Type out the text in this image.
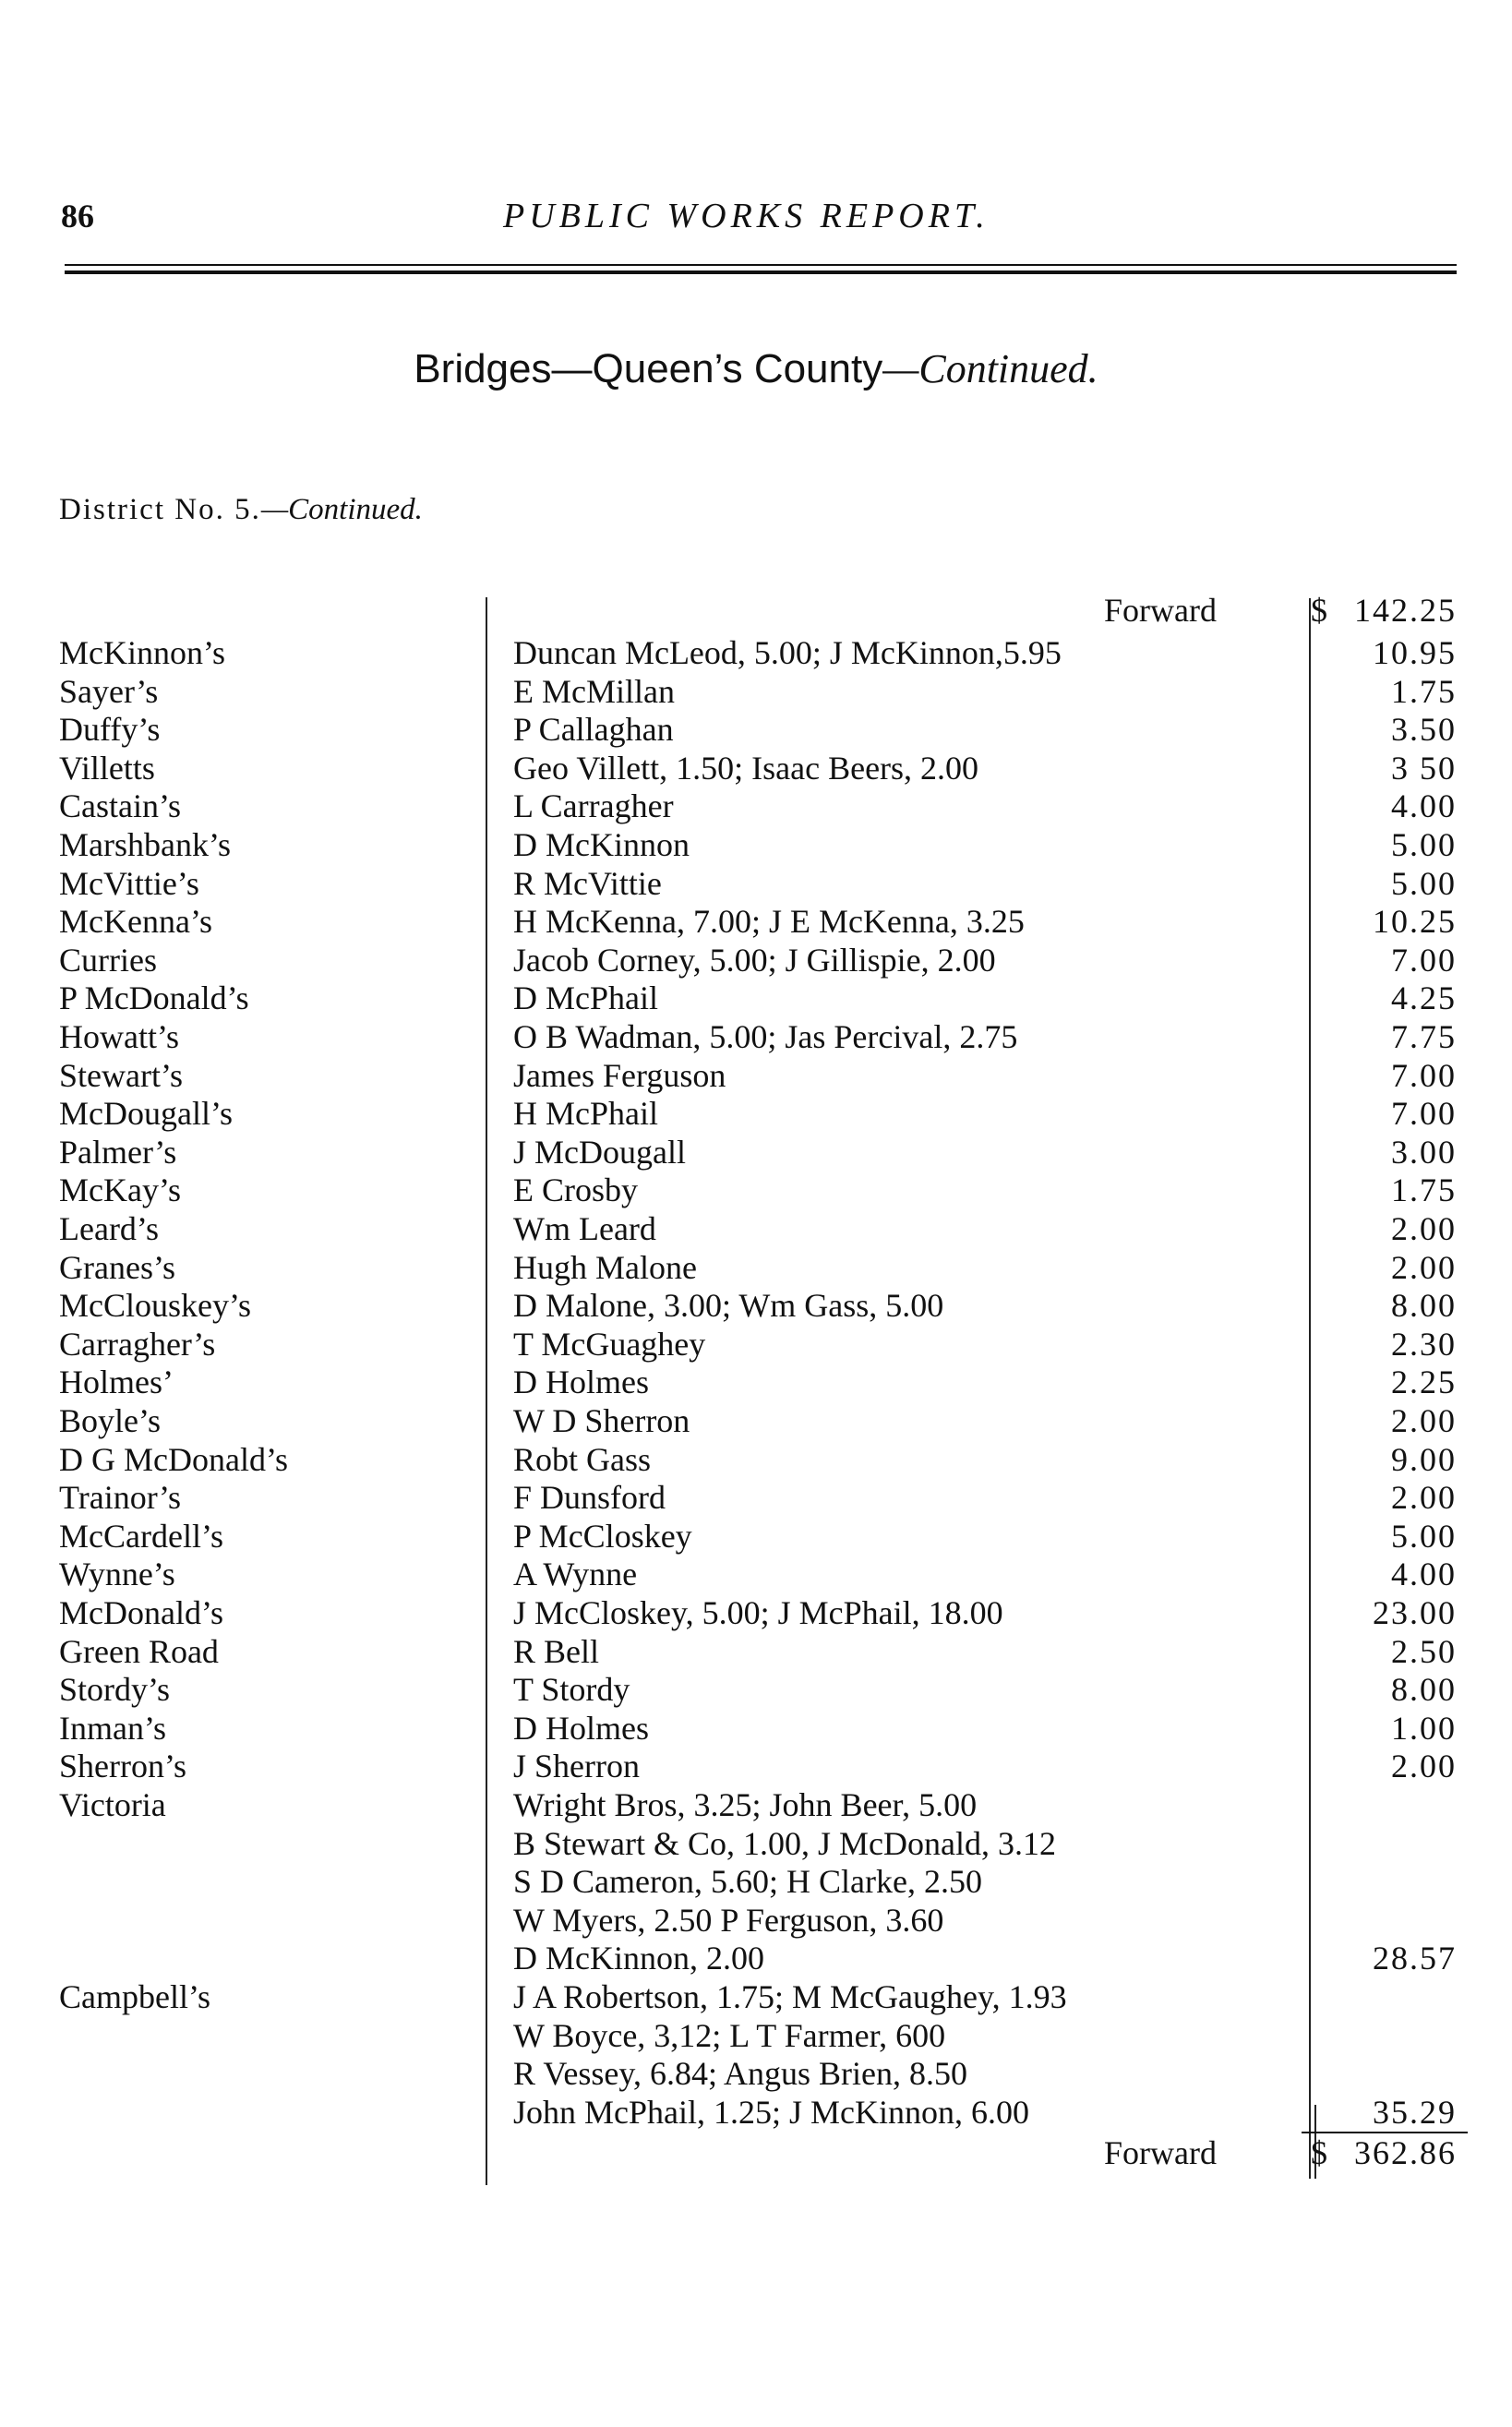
86	PUBLIC WORKS REPORT.
Bridges—Queen’s County—Continued.
District No. 5.—Continued.
Forward	$ 142.25
McKinnon’s	Duncan McLeod, 5.00; J McKinnon,5.95	10.95
Sayer’s	E McMillan	1.75
Duffy’s	P Callaghan	3.50
Villetts	Geo Villett, 1.50; Isaac Beers, 2.00	3 50
Castain’s	L Carragher	4.00
Marshbank’s	D McKinnon	5.00
McVittie’s	R McVittie	5.00
McKenna’s	H McKenna, 7.00; J E McKenna, 3.25	10.25
Curries	Jacob Corney, 5.00; J Gillispie, 2.00	7.00
P McDonald’s	D McPhail	4.25
Howatt’s	O B Wadman, 5.00; Jas Percival, 2.75	7.75
Stewart’s	James Ferguson	7.00
McDougall’s	H McPhail	7.00
Palmer’s	J McDougall	3.00
McKay’s	E Crosby	1.75
Leard’s	Wm Leard	2.00
Granes’s	Hugh Malone	2.00
McClouskey’s	D Malone, 3.00; Wm Gass, 5.00	8.00
Carragher’s	T McGuaghey	2.30
Holmes’	D Holmes	2.25
Boyle’s	W D Sherron	2.00
D G McDonald’s	Robt Gass	9.00
Trainor’s	F Dunsford	2.00
McCardell’s	P McCloskey	5.00
Wynne’s	A Wynne	4.00
McDonald’s	J McCloskey, 5.00; J McPhail, 18.00	23.00
Green Road	R Bell	2.50
Stordy’s	T Stordy	8.00
Inman’s	D Holmes	1.00
Sherron’s	J Sherron	2.00
Victoria	Wright Bros, 3.25; John Beer, 5.00
B Stewart & Co, 1.00, J McDonald, 3.12
S D Cameron, 5.60; H Clarke, 2.50
W Myers, 2.50 P Ferguson, 3.60
D McKinnon, 2.00	28.57
Campbell’s	J A Robertson, 1.75; M McGaughey, 1.93
W Boyce, 3,12; L T Farmer, 600
R Vessey, 6.84; Angus Brien, 8.50
John McPhail, 1.25; J McKinnon, 6.00	35.29
Forward	$ 362.86
